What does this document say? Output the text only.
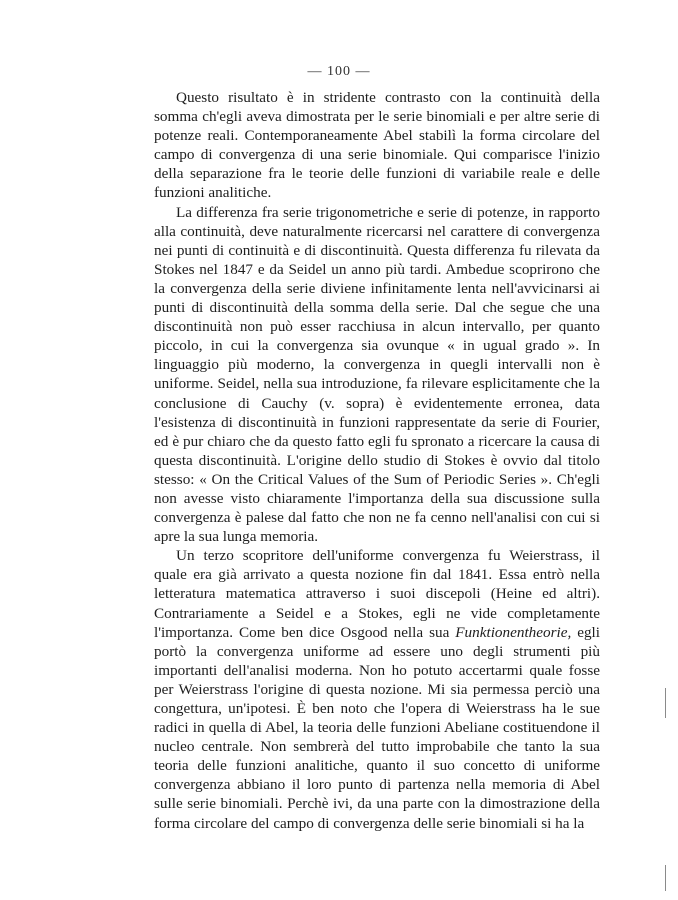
— 100 —

Questo risultato è in stridente contrasto con la continuità della somma ch'egli aveva dimostrata per le serie binomiali e per altre serie di potenze reali. Contemporaneamente Abel stabilì la forma circolare del campo di convergenza di una serie binomiale. Qui comparisce l'inizio della separazione fra le teorie delle funzioni di variabile reale e delle funzioni analitiche.

La differenza fra serie trigonometriche e serie di potenze, in rapporto alla continuità, deve naturalmente ricercarsi nel carattere di convergenza nei punti di continuità e di discontinuità. Questa differenza fu rilevata da Stokes nel 1847 e da Seidel un anno più tardi. Ambedue scoprirono che la convergenza della serie diviene infinitamente lenta nell'avvicinarsi ai punti di discontinuità della somma della serie. Dal che segue che una discontinuità non può esser racchiusa in alcun intervallo, per quanto piccolo, in cui la convergenza sia ovunque « in ugual grado ». In linguaggio più moderno, la convergenza in quegli intervalli non è uniforme. Seidel, nella sua introduzione, fa rilevare esplicitamente che la conclusione di Cauchy (v. sopra) è evidentemente erronea, data l'esistenza di discontinuità in funzioni rappresentate da serie di Fourier, ed è pur chiaro che da questo fatto egli fu spronato a ricercare la causa di questa discontinuità. L'origine dello studio di Stokes è ovvio dal titolo stesso: « On the Critical Values of the Sum of Periodic Series ». Ch'egli non avesse visto chiaramente l'importanza della sua discussione sulla convergenza è palese dal fatto che non ne fa cenno nell'analisi con cui si apre la sua lunga memoria.

Un terzo scopritore dell'uniforme convergenza fu Weierstrass, il quale era già arrivato a questa nozione fin dal 1841. Essa entrò nella letteratura matematica attraverso i suoi discepoli (Heine ed altri). Contrariamente a Seidel e a Stokes, egli ne vide completamente l'importanza. Come ben dice Osgood nella sua Funktionentheorie, egli portò la convergenza uniforme ad essere uno degli strumenti più importanti dell'analisi moderna. Non ho potuto accertarmi quale fosse per Weierstrass l'origine di questa nozione. Mi sia permessa perciò una congettura, un'ipotesi. È ben noto che l'opera di Weierstrass ha le sue radici in quella di Abel, la teoria delle funzioni Abeliane costituendone il nucleo centrale. Non sembrerà del tutto improbabile che tanto la sua teoria delle funzioni analitiche, quanto il suo concetto di uniforme convergenza abbiano il loro punto di partenza nella memoria di Abel sulle serie binomiali. Perchè ivi, da una parte con la dimostrazione della forma circolare del campo di convergenza delle serie binomiali si ha la
